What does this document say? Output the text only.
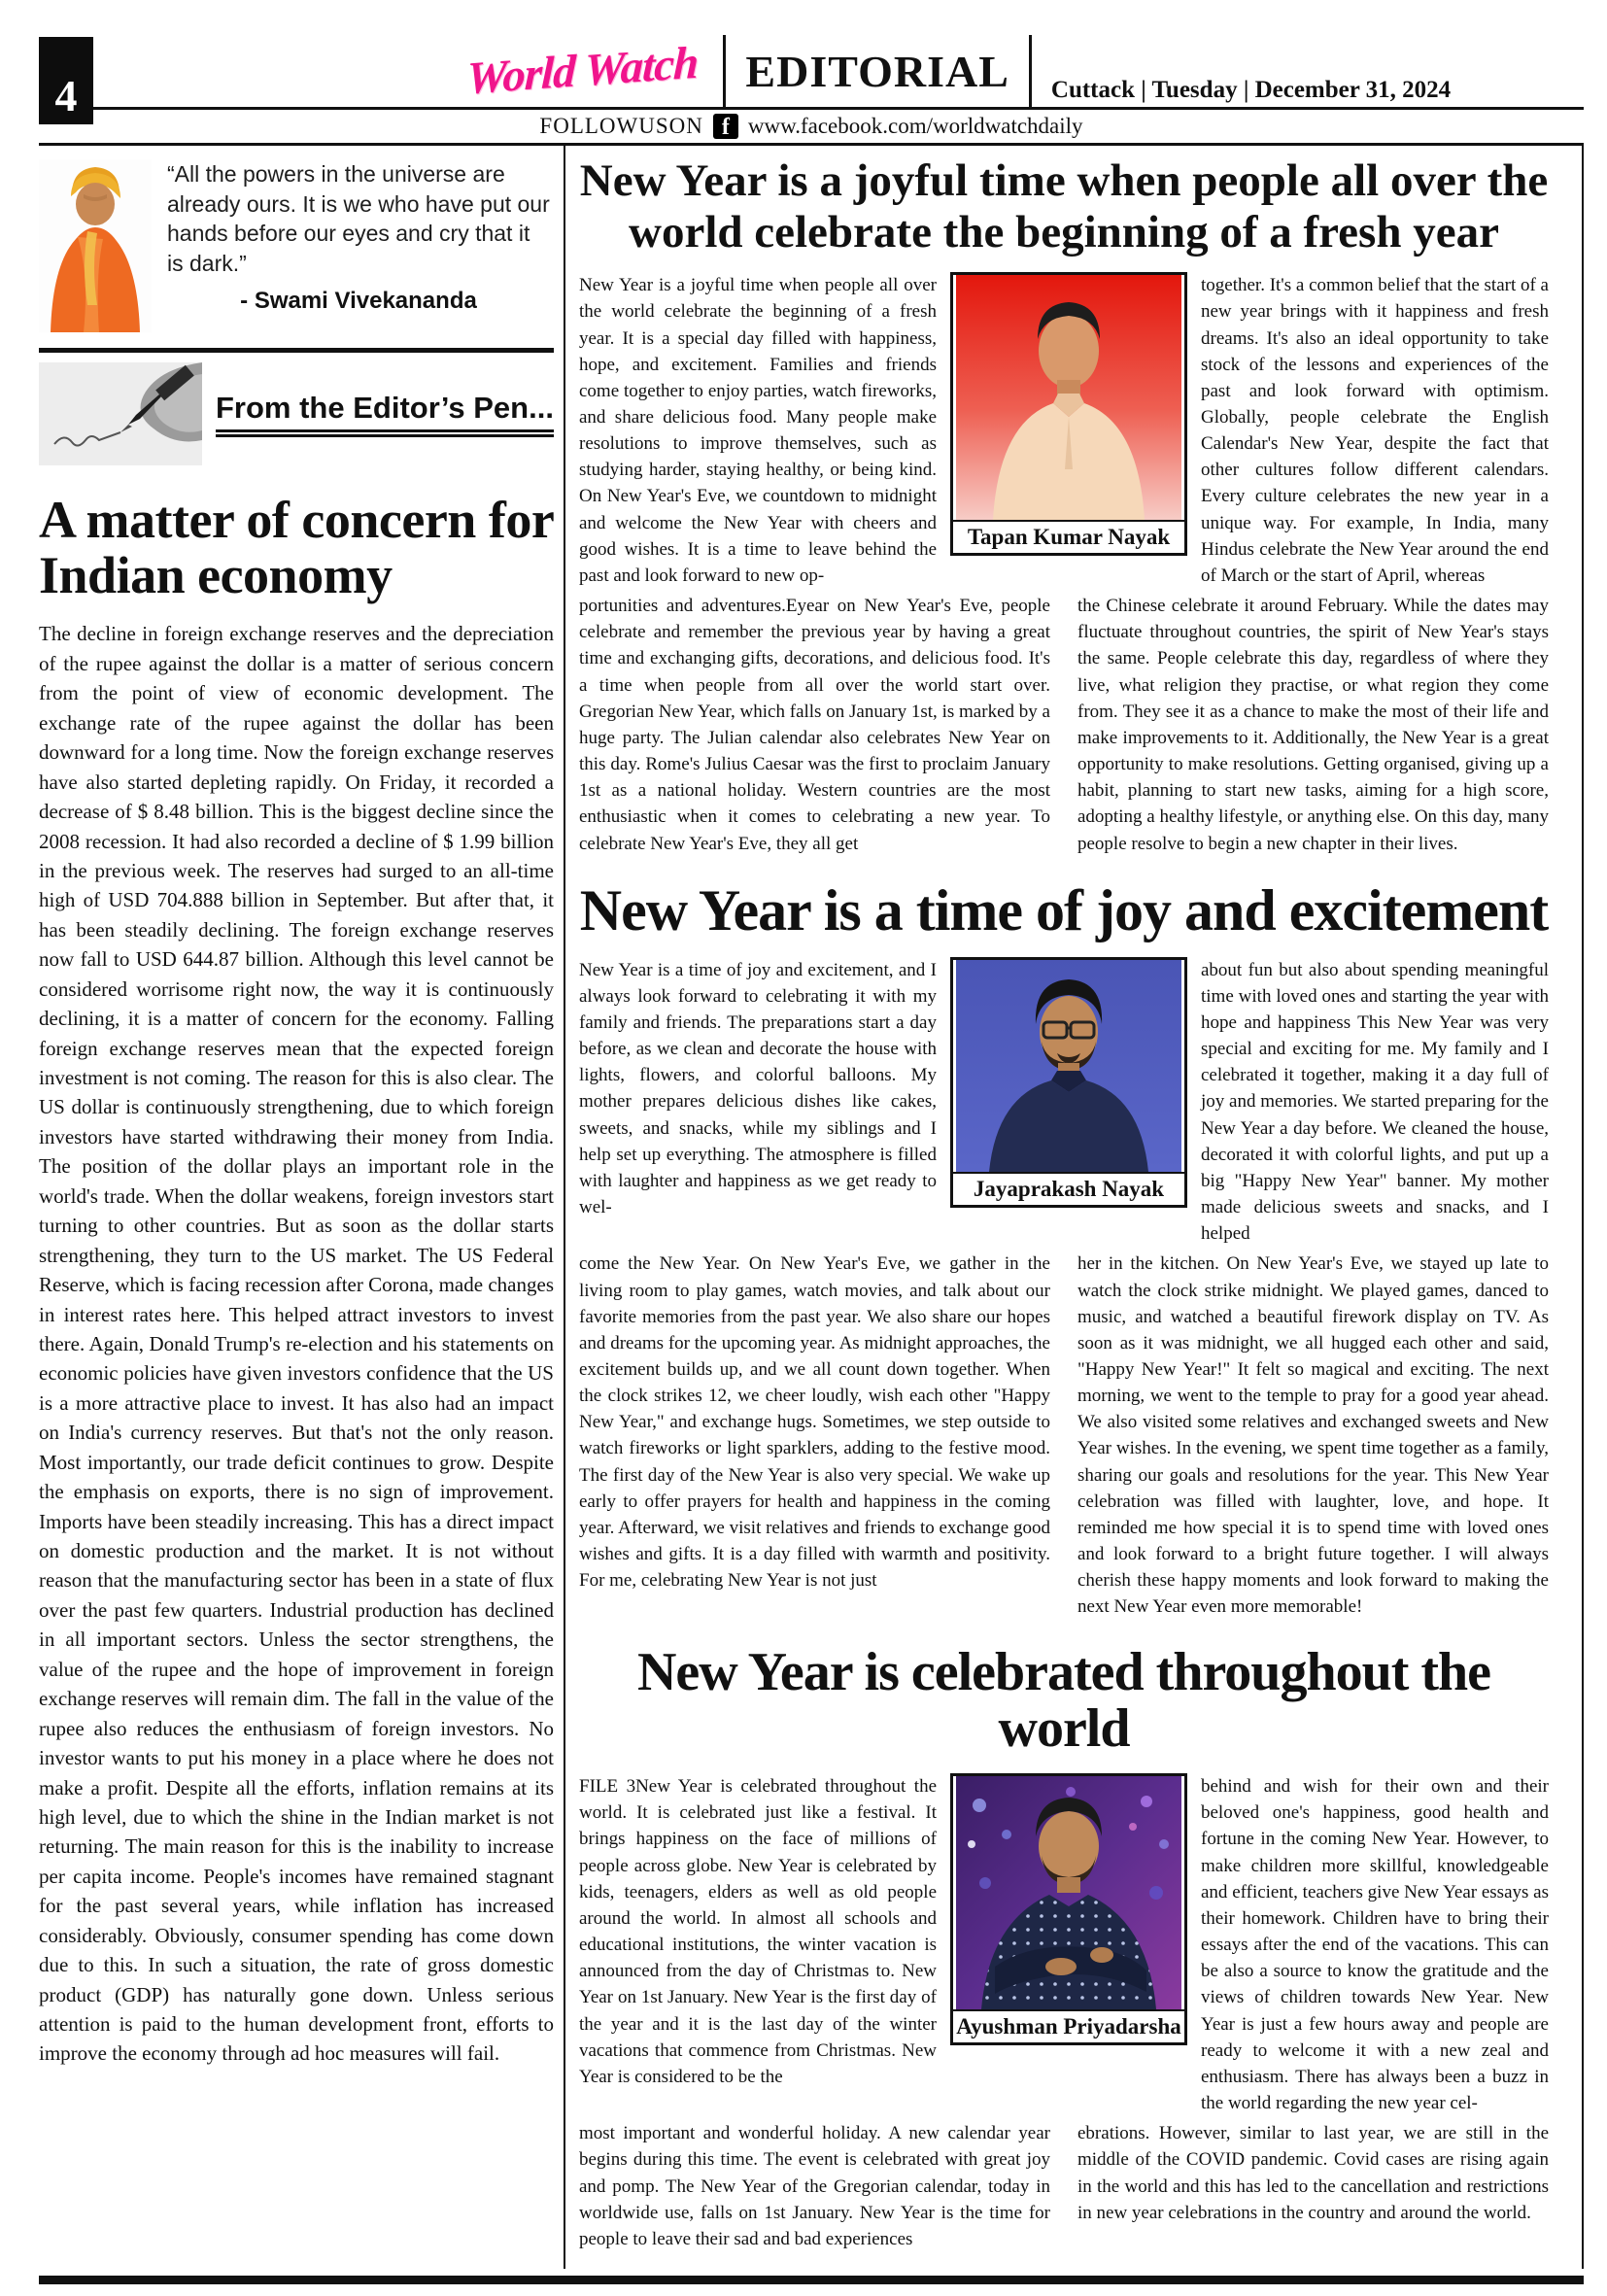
4	World Watch	EDITORIAL	Cuttack | Tuesday | December 31, 2024
FOLLOWUSON f www.facebook.com/worldwatchdaily
“All the powers in the universe are already ours. It is we who have put our hands before our eyes and cry that it is dark.”
- Swami Vivekananda
From the Editor’s Pen...
A matter of concern for Indian economy
The decline in foreign exchange reserves and the depreciation of the rupee against the dollar is a matter of serious concern from the point of view of economic development. The exchange rate of the rupee against the dollar has been downward for a long time. Now the foreign exchange reserves have also started depleting rapidly. On Friday, it recorded a decrease of $ 8.48 billion. This is the biggest decline since the 2008 recession. It had also recorded a decline of $ 1.99 billion in the previous week. The reserves had surged to an all-time high of USD 704.888 billion in September. But after that, it has been steadily declining. The foreign exchange reserves now fall to USD 644.87 billion. Although this level cannot be considered worrisome right now, the way it is continuously declining, it is a matter of concern for the economy. Falling foreign exchange reserves mean that the expected foreign investment is not coming. The reason for this is also clear. The US dollar is continuously strengthening, due to which foreign investors have started withdrawing their money from India. The position of the dollar plays an important role in the world's trade. When the dollar weakens, foreign investors start turning to other countries. But as soon as the dollar starts strengthening, they turn to the US market. The US Federal Reserve, which is facing recession after Corona, made changes in interest rates here. This helped attract investors to invest there. Again, Donald Trump's re-election and his statements on economic policies have given investors confidence that the US is a more attractive place to invest. It has also had an impact on India's currency reserves. But that's not the only reason. Most importantly, our trade deficit continues to grow. Despite the emphasis on exports, there is no sign of improvement. Imports have been steadily increasing. This has a direct impact on domestic production and the market. It is not without reason that the manufacturing sector has been in a state of flux over the past few quarters. Industrial production has declined in all important sectors. Unless the sector strengthens, the value of the rupee and the hope of improvement in foreign exchange reserves will remain dim. The fall in the value of the rupee also reduces the enthusiasm of foreign investors. No investor wants to put his money in a place where he does not make a profit. Despite all the efforts, inflation remains at its high level, due to which the shine in the Indian market is not returning. The main reason for this is the inability to increase per capita income. People's incomes have remained stagnant for the past several years, while inflation has increased considerably. Obviously, consumer spending has come down due to this. In such a situation, the rate of gross domestic product (GDP) has naturally gone down. Unless serious attention is paid to the human development front, efforts to improve the economy through ad hoc measures will fail.
New Year is a joyful time when people all over the world celebrate the beginning of a fresh year
New Year is a joyful time when people all over the world celebrate the beginning of a fresh year. It is a special day filled with happiness, hope, and excitement. Families and friends come together to enjoy parties, watch fireworks, and share delicious food. Many people make resolutions to improve themselves, such as studying harder, staying healthy, or being kind. On New Year's Eve, we countdown to midnight and welcome the New Year with cheers and good wishes. It is a time to leave behind the past and look forward to new op-
Tapan Kumar Nayak
together. It's a common belief that the start of a new year brings with it happiness and fresh dreams. It's also an ideal opportunity to take stock of the lessons and experiences of the past and look forward with optimism. Globally, people celebrate the English Calendar's New Year, despite the fact that other cultures follow different calendars. Every culture celebrates the new year in a unique way. For example, In India, many Hindus celebrate the New Year around the end of March or the start of April, whereas
portunities and adventures.Eyear on New Year's Eve, people celebrate and remember the previous year by having a great time and exchanging gifts, decorations, and delicious food. It's a time when people from all over the world start over. Gregorian New Year, which falls on January 1st, is marked by a huge party. The Julian calendar also celebrates New Year on this day. Rome's Julius Caesar was the first to proclaim January 1st as a national holiday. Western countries are the most enthusiastic when it comes to celebrating a new year. To celebrate New Year's Eve, they all get
the Chinese celebrate it around February. While the dates may fluctuate throughout countries, the spirit of New Year's stays the same. People celebrate this day, regardless of where they live, what religion they practise, or what region they come from. They see it as a chance to make the most of their life and make improvements to it. Additionally, the New Year is a great opportunity to make resolutions. Getting organised, giving up a habit, planning to start new tasks, aiming for a high score, adopting a healthy lifestyle, or anything else. On this day, many people resolve to begin a new chapter in their lives.
New Year is a time of joy and excitement
New Year is a time of joy and excitement, and I always look forward to celebrating it with my family and friends. The preparations start a day before, as we clean and decorate the house with lights, flowers, and colorful balloons. My mother prepares delicious dishes like cakes, sweets, and snacks, while my siblings and I help set up everything. The atmosphere is filled with laughter and happiness as we get ready to wel-
Jayaprakash Nayak
about fun but also about spending meaningful time with loved ones and starting the year with hope and happiness This New Year was very special and exciting for me. My family and I celebrated it together, making it a day full of joy and memories. We started preparing for the New Year a day before. We cleaned the house, decorated it with colorful lights, and put up a big "Happy New Year" banner. My mother made delicious sweets and snacks, and I helped
come the New Year. On New Year's Eve, we gather in the living room to play games, watch movies, and talk about our favorite memories from the past year. We also share our hopes and dreams for the upcoming year. As midnight approaches, the excitement builds up, and we all count down together. When the clock strikes 12, we cheer loudly, wish each other "Happy New Year," and exchange hugs. Sometimes, we step outside to watch fireworks or light sparklers, adding to the festive mood. The first day of the New Year is also very special. We wake up early to offer prayers for health and happiness in the coming year. Afterward, we visit relatives and friends to exchange good wishes and gifts. It is a day filled with warmth and positivity. For me, celebrating New Year is not just
her in the kitchen. On New Year's Eve, we stayed up late to watch the clock strike midnight. We played games, danced to music, and watched a beautiful firework display on TV. As soon as it was midnight, we all hugged each other and said, "Happy New Year!" It felt so magical and exciting. The next morning, we went to the temple to pray for a good year ahead. We also visited some relatives and exchanged sweets and New Year wishes. In the evening, we spent time together as a family, sharing our goals and resolutions for the year. This New Year celebration was filled with laughter, love, and hope. It reminded me how special it is to spend time with loved ones and look forward to a bright future together. I will always cherish these happy moments and look forward to making the next New Year even more memorable!
New Year is celebrated throughout the world
FILE 3New Year is celebrated throughout the world. It is celebrated just like a festival. It brings happiness on the face of millions of people across globe. New Year is celebrated by kids, teenagers, elders as well as old people around the world. In almost all schools and educational institutions, the winter vacation is announced from the day of Christmas to. New Year on 1st January. New Year is the first day of the year and it is the last day of the winter vacations that commence from Christmas. New Year is considered to be the
Ayushman Priyadarsha
behind and wish for their own and their beloved one's happiness, good health and fortune in the coming New Year. However, to make children more skillful, knowledgeable and efficient, teachers give New Year essays as their homework. Children have to bring their essays after the end of the vacations. This can be also a source to know the gratitude and the views of children towards New Year. New Year is just a few hours away and people are ready to welcome it with a new zeal and enthusiasm. There has always been a buzz in the world regarding the new year cel-
most important and wonderful holiday. A new calendar year begins during this time. The event is celebrated with great joy and pomp. The New Year of the Gregorian calendar, today in worldwide use, falls on 1st January. New Year is the time for people to leave their sad and bad experiences
ebrations. However, similar to last year, we are still in the middle of the COVID pandemic. Covid cases are rising again in the world and this has led to the cancellation and restrictions in new year celebrations in the country and around the world.
